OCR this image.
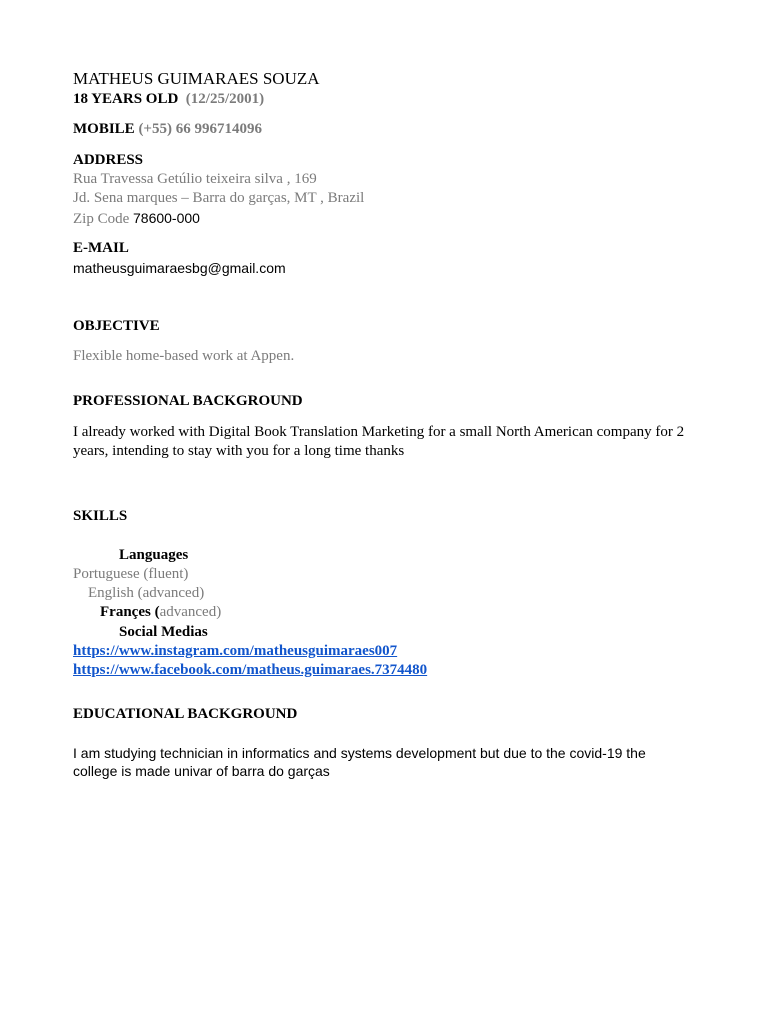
MATHEUS GUIMARAES SOUZA
18 YEARS OLD (12/25/2001)
MOBILE (+55) 66 996714096
ADDRESS
Rua Travessa Getúlio teixeira silva , 169
Jd. Sena marques – Barra do garças, MT , Brazil
Zip Code 78600-000
E-MAIL
matheusguimaraesbg@gmail.com
OBJECTIVE
Flexible home-based work at Appen.
PROFESSIONAL BACKGROUND
I already worked with Digital Book Translation Marketing for a small North American company for 2 years, intending to stay with you for a long time thanks
SKILLS
Languages
Portuguese (fluent)
English (advanced)
Françes (advanced)
Social Medias
https://www.instagram.com/matheusguimaraes007
https://www.facebook.com/matheus.guimaraes.7374480
EDUCATIONAL BACKGROUND
I am studying technician in informatics and systems development but due to the covid-19 the college is made univar of barra do garças
